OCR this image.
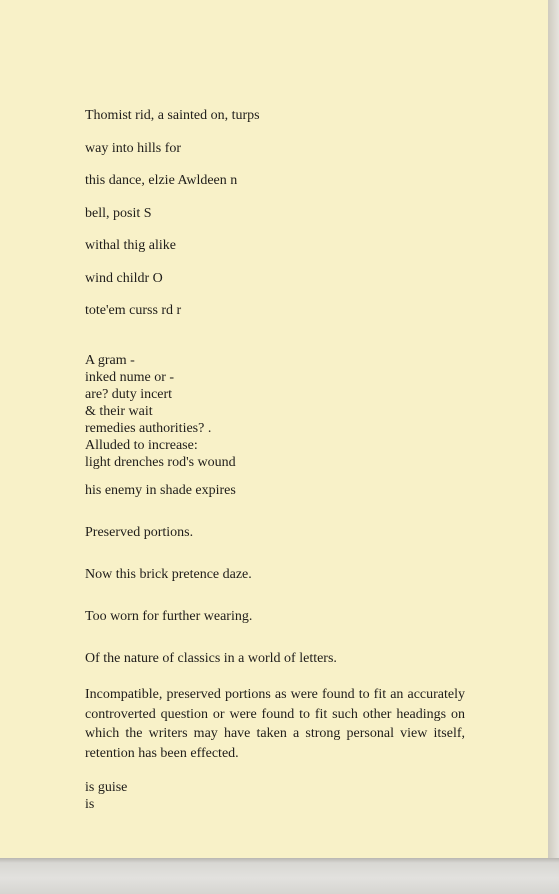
Thomist rid, a sainted on, turps
way into hills for
this dance, elzie Awldeen n
bell, posit S
withal thig alike
wind childr O
tote'em curss rd r
A gram -
inked nume or -
are? duty incert
& their wait
remedies authorities? .
Alluded to increase:
light drenches rod's wound
his enemy in shade expires
Preserved portions.
Now this brick pretence daze.
Too worn for further wearing.
Of the nature of classics in a world of letters.
Incompatible, preserved portions as were found to fit an accurately controverted question or were found to fit such other headings on which the writers may have taken a strong personal view itself, retention has been effected.
is guise
is
